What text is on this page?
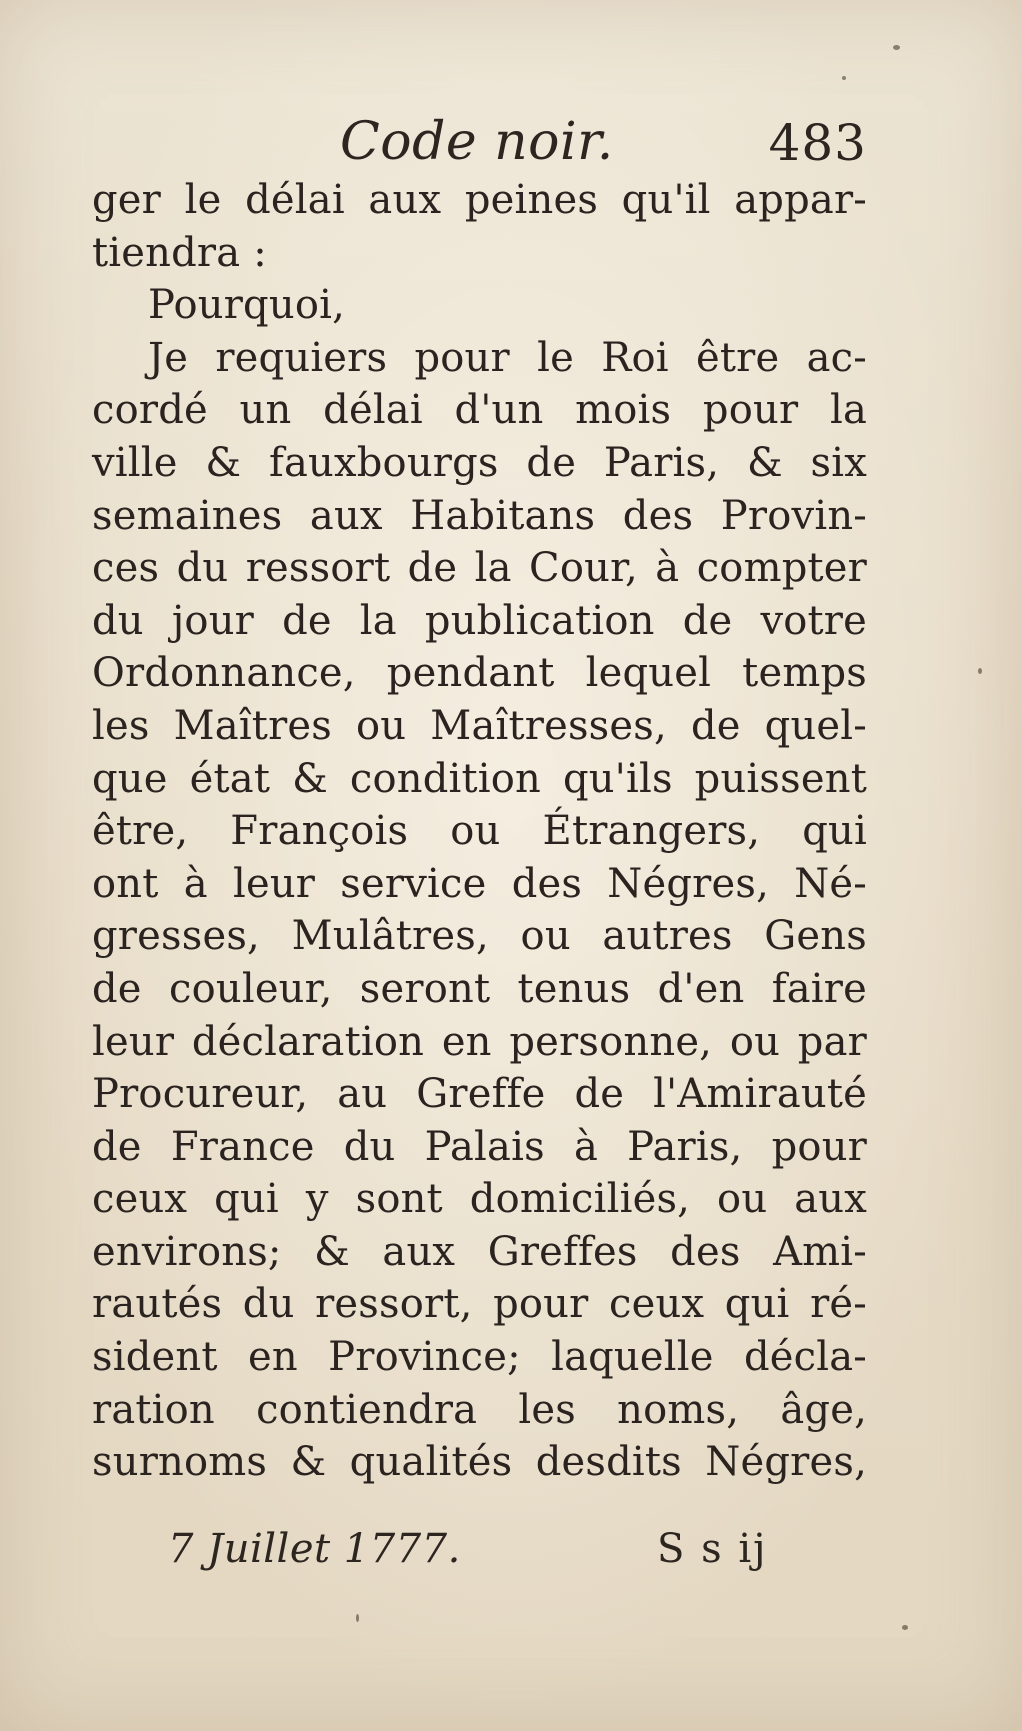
Code noir.	483
ger le délai aux peines qu'il appar-
tiendra :
Pourquoi,
Je requiers pour le Roi être ac-
cordé un délai d'un mois pour la
ville & fauxbourgs de Paris, & six
semaines aux Habitans des Provin-
ces du ressort de la Cour, à compter
du jour de la publication de votre
Ordonnance, pendant lequel temps
les Maîtres ou Maîtresses, de quel-
que état & condition qu'ils puissent
être, François ou Étrangers, qui
ont à leur service des Négres, Né-
gresses, Mulâtres, ou autres Gens
de couleur, seront tenus d'en faire
leur déclaration en personne, ou par
Procureur, au Greffe de l'Amirauté
de France du Palais à Paris, pour
ceux qui y sont domiciliés, ou aux
environs; & aux Greffes des Ami-
rautés du ressort, pour ceux qui ré-
sident en Province; laquelle décla-
ration contiendra les noms, âge,
surnoms & qualités desdits Négres,
7 Juillet 1777.	S s ij
